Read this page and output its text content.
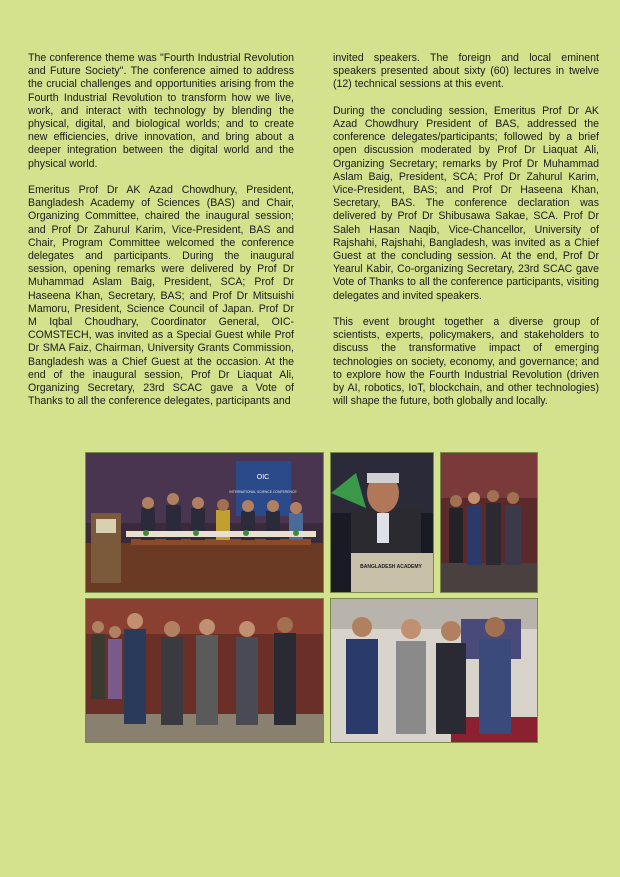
The conference theme was "Fourth Industrial Revolution and Future Society". The conference aimed to address the crucial challenges and opportunities arising from the Fourth Industrial Revolution to transform how we live, work, and interact with technology by blending the physical, digital, and biological worlds; and to create new efficiencies, drive innovation, and bring about a deeper integration between the digital world and the physical world.

Emeritus Prof Dr AK Azad Chowdhury, President, Bangladesh Academy of Sciences (BAS) and Chair, Organizing Committee, chaired the inaugural session; and Prof Dr Zahurul Karim, Vice-President, BAS and Chair, Program Committee welcomed the conference delegates and participants. During the inaugural session, opening remarks were delivered by Prof Dr Muhammad Aslam Baig, President, SCA; Prof Dr Haseena Khan, Secretary, BAS; and Prof Dr Mitsuishi Mamoru, President, Science Council of Japan. Prof Dr M Iqbal Choudhary, Coordinator General, OIC-COMSTECH, was invited as a Special Guest while Prof Dr SMA Faiz, Chairman, University Grants Commission, Bangladesh was a Chief Guest at the occasion. At the end of the inaugural session, Prof Dr Liaquat Ali, Organizing Secretary, 23rd SCAC gave a Vote of Thanks to all the conference delegates, participants and

invited speakers. The foreign and local eminent speakers presented about sixty (60) lectures in twelve (12) technical sessions at this event.

During the concluding session, Emeritus Prof Dr AK Azad Chowdhury President of BAS, addressed the conference delegates/participants; followed by a brief open discussion moderated by Prof Dr Liaquat Ali, Organizing Secretary; remarks by Prof Dr Muhammad Aslam Baig, President, SCA; Prof Dr Zahurul Karim, Vice-President, BAS; and Prof Dr Haseena Khan, Secretary, BAS. The conference declaration was delivered by Prof Dr Shibusawa Sakae, SCA. Prof Dr Saleh Hasan Naqib, Vice-Chancellor, University of Rajshahi, Rajshahi, Bangladesh, was invited as a Chief Guest at the concluding session. At the end, Prof Dr Yearul Kabir, Co-organizing Secretary, 23rd SCAC gave Vote of Thanks to all the conference participants, visiting delegates and invited speakers.

This event brought together a diverse group of scientists, experts, policymakers, and stakeholders to discuss the transformative impact of emerging technologies on society, economy, and governance; and to explore how the Fourth Industrial Revolution (driven by AI, robotics, IoT, blockchain, and other technologies) will shape the future, both globally and locally.

OIC
INTERNATIONAL SCIENCE CONFERENCE
BANGLADESH ACADEMY
